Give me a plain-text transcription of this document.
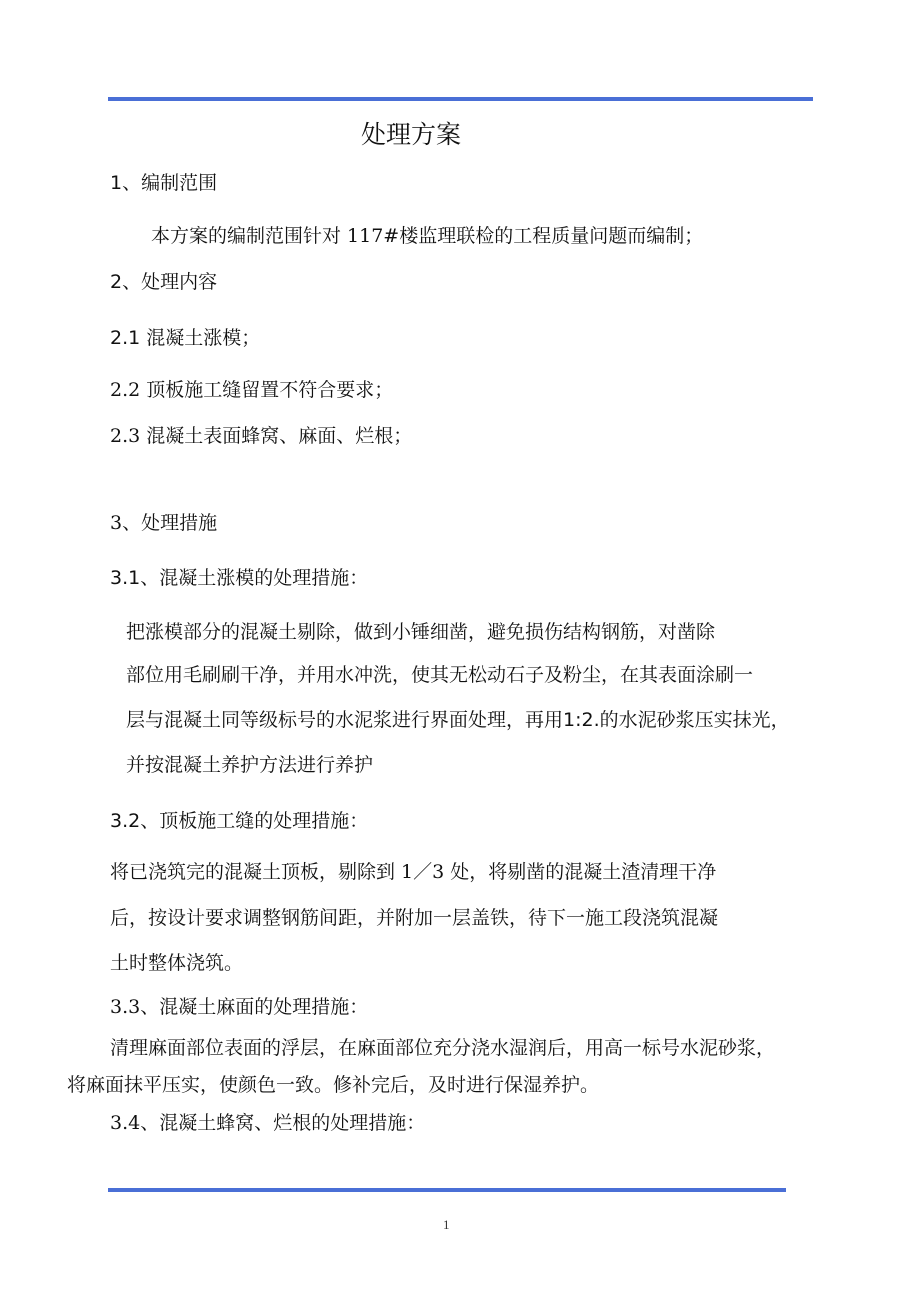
处理方案
1、编制范围
本方案的编制范围针对 117#楼监理联检的工程质量问题而编制；
2、处理内容
2.1 混凝土涨模；
2.2 顶板施工缝留置不符合要求；
2.3 混凝土表面蜂窝、麻面、烂根；
3、处理措施
3.1、混凝土涨模的处理措施：
把涨模部分的混凝土剔除，做到小锤细凿，避免损伤结构钢筋，对凿除
部位用毛刷刷干净，并用水冲洗，使其无松动石子及粉尘，在其表面涂刷一
层与混凝土同等级标号的水泥浆进行界面处理，再用1:2.的水泥砂浆压实抹光，
并按混凝土养护方法进行养护
3.2、顶板施工缝的处理措施：
将已浇筑完的混凝土顶板，剔除到 1／3 处，将剔凿的混凝土渣清理干净
后，按设计要求调整钢筋间距，并附加一层盖铁，待下一施工段浇筑混凝
土时整体浇筑。
3.3、混凝土麻面的处理措施：
清理麻面部位表面的浮层，在麻面部位充分浇水湿润后，用高一标号水泥砂浆，
将麻面抹平压实，使颜色一致。修补完后，及时进行保湿养护。
3.4、混凝土蜂窝、烂根的处理措施：
1
